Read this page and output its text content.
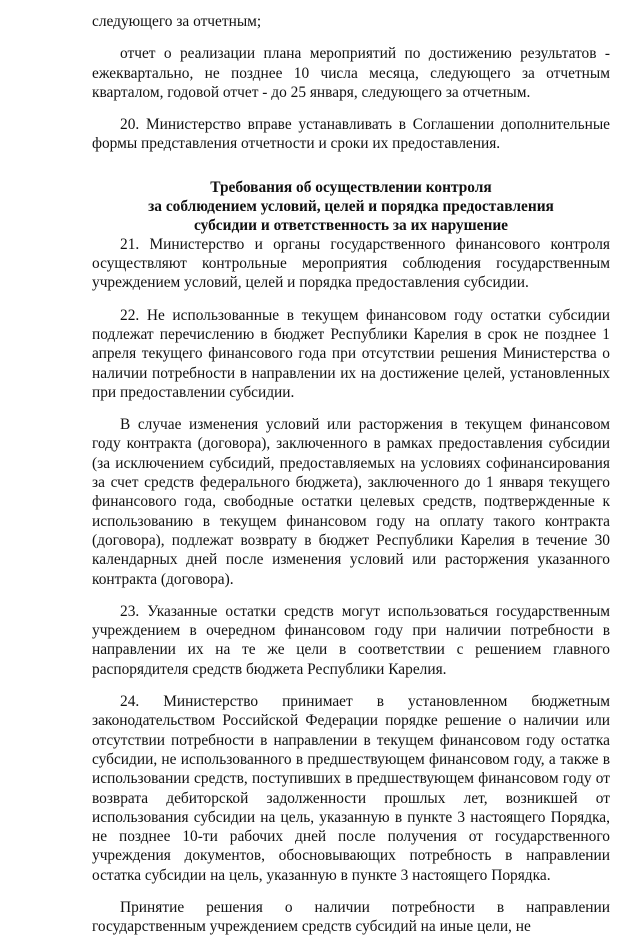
следующего за отчетным;

отчет о реализации плана мероприятий по достижению результатов - ежеквартально, не позднее 10 числа месяца, следующего за отчетным кварталом, годовой отчет - до 25 января, следующего за отчетным.

20. Министерство вправе устанавливать в Соглашении дополнительные формы представления отчетности и сроки их предоставления.

Требования об осуществлении контроля
за соблюдением условий, целей и порядка предоставления
субсидии и ответственность за их нарушение

21. Министерство и органы государственного финансового контроля осуществляют контрольные мероприятия соблюдения государственным учреждением условий, целей и порядка предоставления субсидии.

22. Не использованные в текущем финансовом году остатки субсидии подлежат перечислению в бюджет Республики Карелия в срок не позднее 1 апреля текущего финансового года при отсутствии решения Министерства о наличии потребности в направлении их на достижение целей, установленных при предоставлении субсидии.

В случае изменения условий или расторжения в текущем финансовом году контракта (договора), заключенного в рамках предоставления субсидии (за исключением субсидий, предоставляемых на условиях софинансирования за счет средств федерального бюджета), заключенного до 1 января текущего финансового года, свободные остатки целевых средств, подтвержденные к использованию в текущем финансовом году на оплату такого контракта (договора), подлежат возврату в бюджет Республики Карелия в течение 30 календарных дней после изменения условий или расторжения указанного контракта (договора).

23. Указанные остатки средств могут использоваться государственным учреждением в очередном финансовом году при наличии потребности в направлении их на те же цели в соответствии с решением главного распорядителя средств бюджета Республики Карелия.

24. Министерство принимает в установленном бюджетным законодательством Российской Федерации порядке решение о наличии или отсутствии потребности в направлении в текущем финансовом году остатка субсидии, не использованного в предшествующем финансовом году, а также в использовании средств, поступивших в предшествующем финансовом году от возврата дебиторской задолженности прошлых лет, возникшей от использования субсидии на цель, указанную в пункте 3 настоящего Порядка, не позднее 10-ти рабочих дней после получения от государственного учреждения документов, обосновывающих потребность в направлении остатка субсидии на цель, указанную в пункте 3 настоящего Порядка.

Принятие решения о наличии потребности в направлении государственным учреждением средств субсидий на иные цели, не
